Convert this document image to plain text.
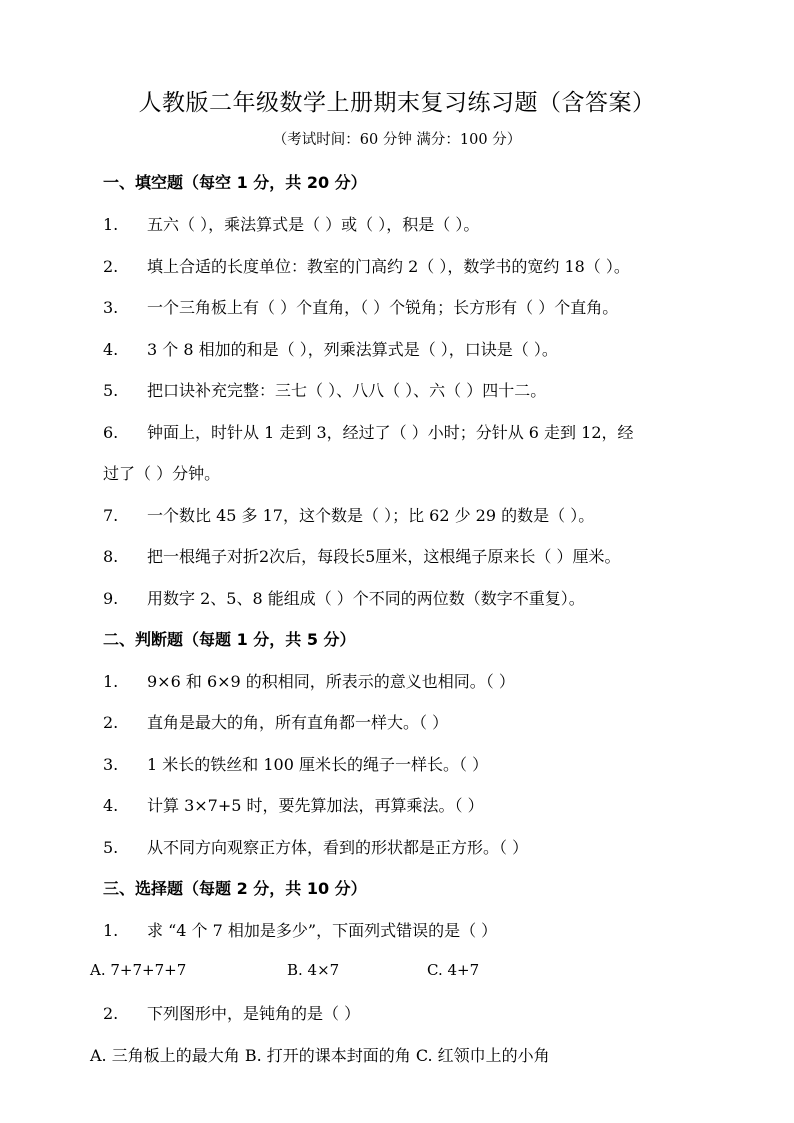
人教版二年级数学上册期末复习练习题（含答案）
（考试时间：60 分钟 满分：100 分）
一、填空题（每空 1 分，共 20 分）
1. 五六（ ），乘法算式是（ ）或（ ），积是（ ）。
2. 填上合适的长度单位：教室的门高约 2（ ），数学书的宽约 18（ ）。
3. 一个三角板上有（ ）个直角，（ ）个锐角；长方形有（ ）个直角。
4. 3 个 8 相加的和是（ ），列乘法算式是（ ），口诀是（ ）。
5. 把口诀补充完整：三七（ ）、八八（ ）、六（ ）四十二。
6. 钟面上，时针从 1 走到 3，经过了（ ）小时；分针从 6 走到 12，经
过了（ ）分钟。
7. 一个数比 45 多 17，这个数是（ ）；比 62 少 29 的数是（ ）。
8. 把一根绳子对折2次后，每段长5厘米，这根绳子原来长（ ）厘米。
9. 用数字 2、5、8 能组成（ ）个不同的两位数（数字不重复）。
二、判断题（每题 1 分，共 5 分）
1. 9×6 和 6×9 的积相同，所表示的意义也相同。（ ）
2. 直角是最大的角，所有直角都一样大。（ ）
3. 1 米长的铁丝和 100 厘米长的绳子一样长。（ ）
4. 计算 3×7+5 时，要先算加法，再算乘法。（ ）
5. 从不同方向观察正方体，看到的形状都是正方形。（ ）
三、选择题（每题 2 分，共 10 分）
1. 求 “4 个 7 相加是多少”，下面列式错误的是（ ）
A. 7+7+7+7	B. 4×7	C. 4+7
2. 下列图形中，是钝角的是（ ）
A. 三角板上的最大角 B. 打开的课本封面的角 C. 红领巾上的小角
